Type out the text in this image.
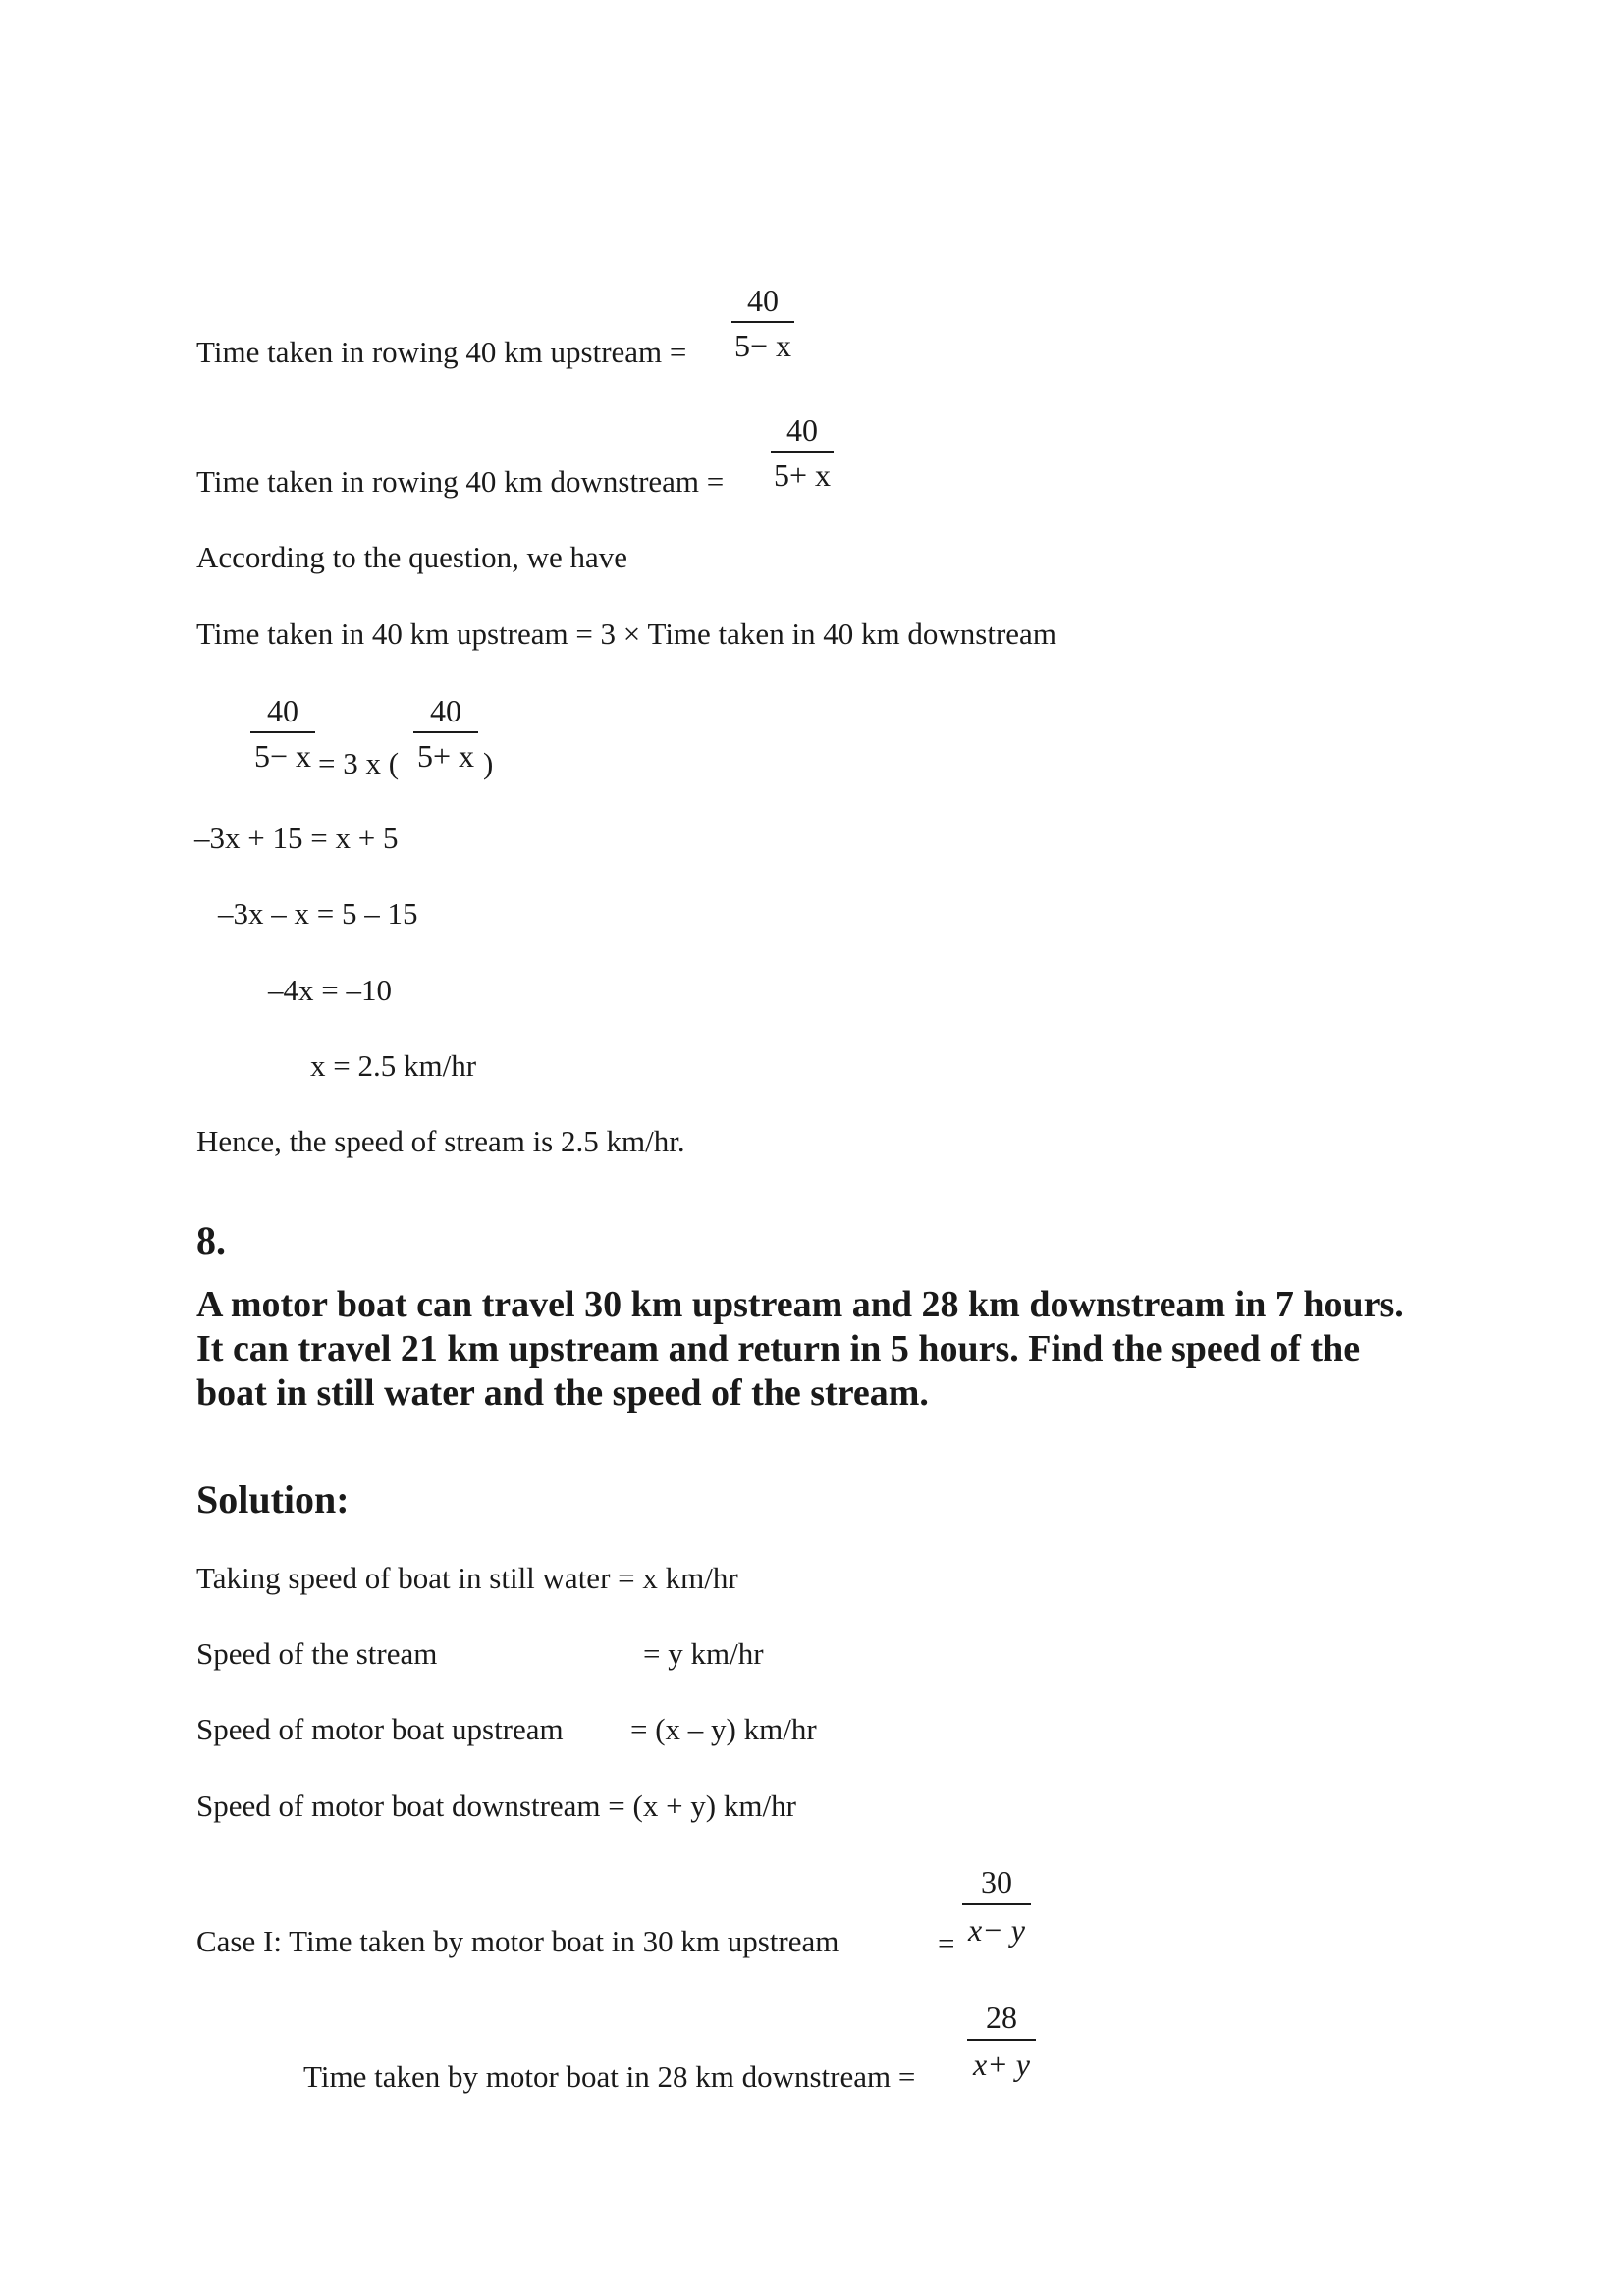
Time taken in rowing 40 km upstream =
40
5− x
Time taken in rowing 40 km downstream =
40
5+ x
According to the question, we have
Time taken in 40 km upstream = 3 × Time taken in 40 km downstream
40
5− x = 3 x (
40
5+ x )
–3x + 15 = x + 5
–3x – x = 5 – 15
–4x = –10
x = 2.5 km/hr
Hence, the speed of stream is 2.5 km/hr.
8.
A motor boat can travel 30 km upstream and 28 km downstream in 7 hours. It can travel 21 km upstream and return in 5 hours. Find the speed of the boat in still water and the speed of the stream.
Solution:
Taking speed of boat in still water = x km/hr
Speed of the stream	= y km/hr
Speed of motor boat upstream = (x – y) km/hr
Speed of motor boat downstream = (x + y) km/hr
Case I: Time taken by motor boat in 30 km upstream	=
30
x− y
Time taken by motor boat in 28 km downstream =
28
x+ y
